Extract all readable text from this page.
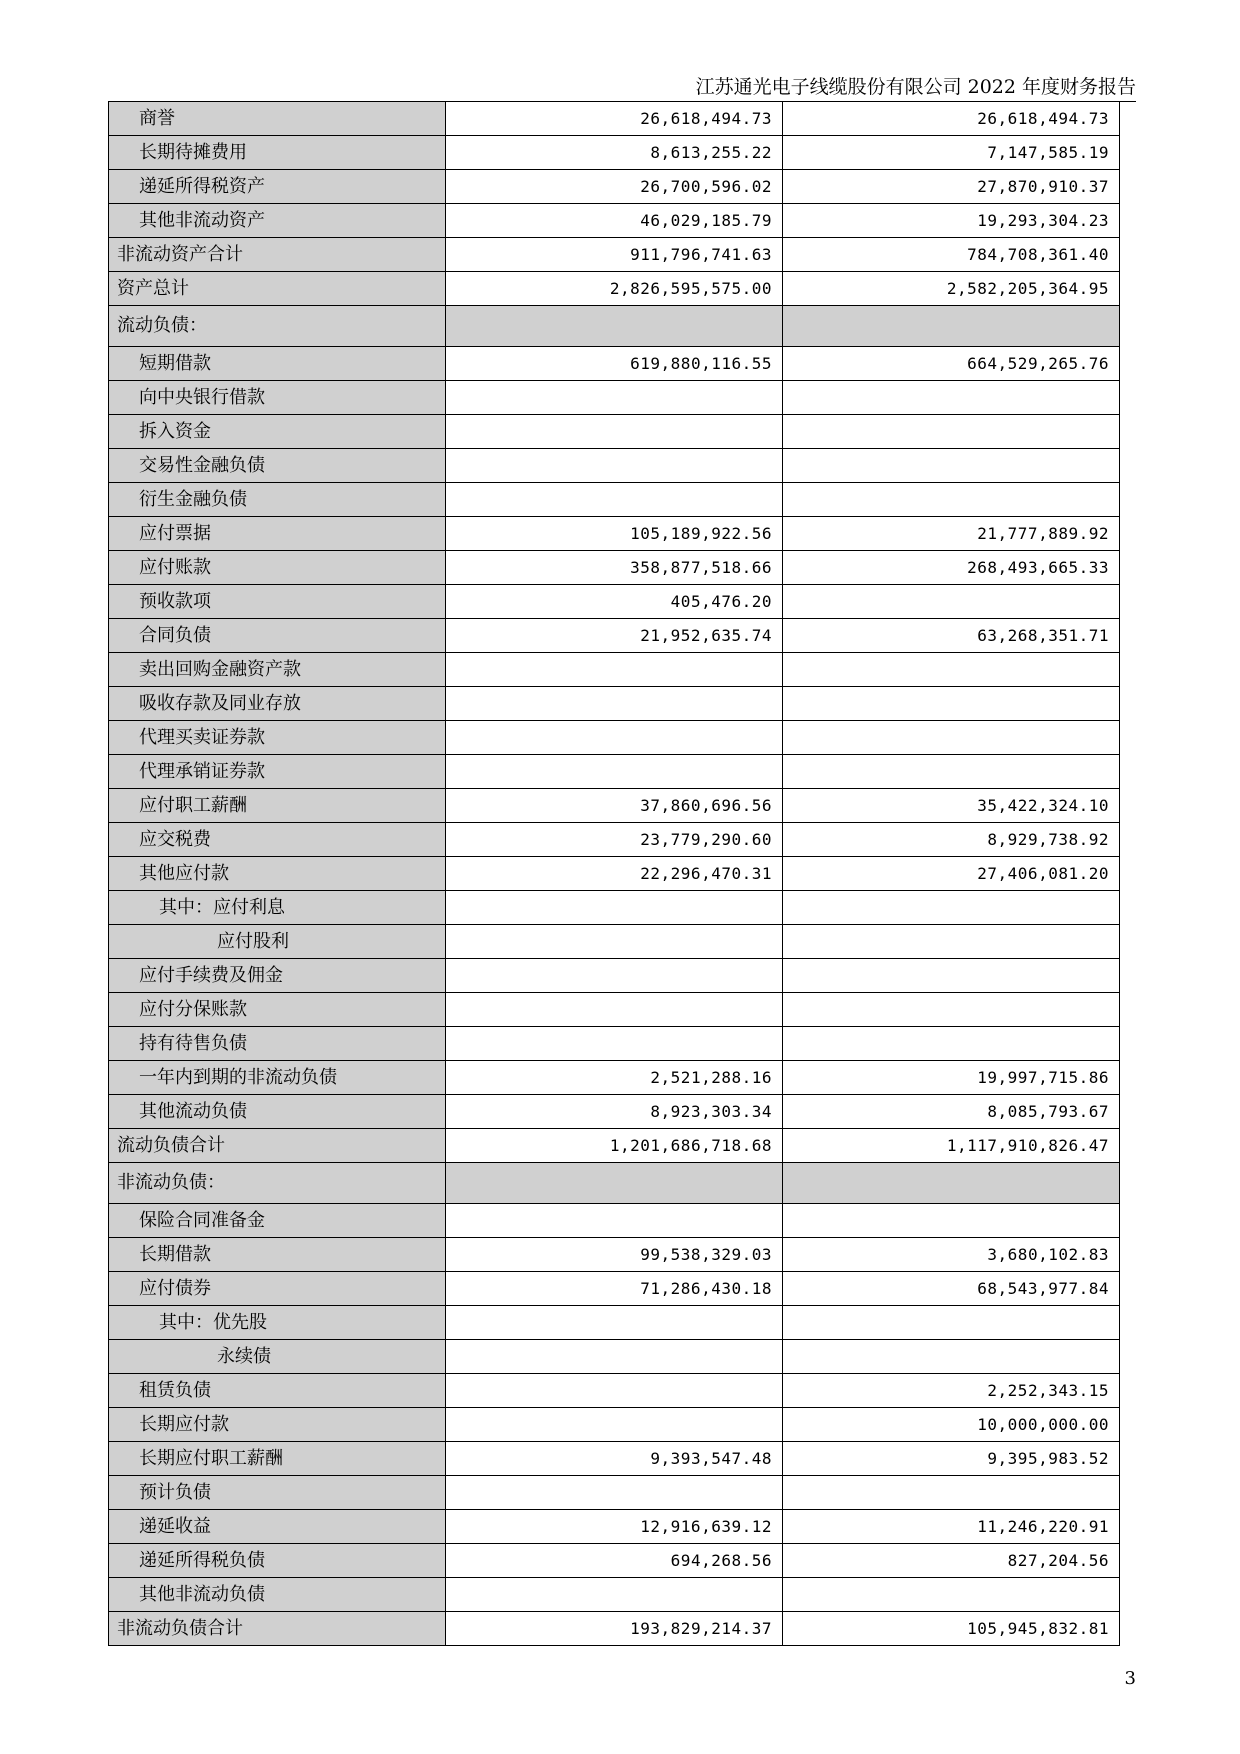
江苏通光电子线缆股份有限公司 2022 年度财务报告
商誉	26,618,494.73	26,618,494.73
长期待摊费用	8,613,255.22	7,147,585.19
递延所得税资产	26,700,596.02	27,870,910.37
其他非流动资产	46,029,185.79	19,293,304.23
非流动资产合计	911,796,741.63	784,708,361.40
资产总计	2,826,595,575.00	2,582,205,364.95
流动负债：		
短期借款	619,880,116.55	664,529,265.76
向中央银行借款		
拆入资金		
交易性金融负债		
衍生金融负债		
应付票据	105,189,922.56	21,777,889.92
应付账款	358,877,518.66	268,493,665.33
预收款项	405,476.20	
合同负债	21,952,635.74	63,268,351.71
卖出回购金融资产款		
吸收存款及同业存放		
代理买卖证券款		
代理承销证券款		
应付职工薪酬	37,860,696.56	35,422,324.10
应交税费	23,779,290.60	8,929,738.92
其他应付款	22,296,470.31	27,406,081.20
其中：应付利息		
应付股利		
应付手续费及佣金		
应付分保账款		
持有待售负债		
一年内到期的非流动负债	2,521,288.16	19,997,715.86
其他流动负债	8,923,303.34	8,085,793.67
流动负债合计	1,201,686,718.68	1,117,910,826.47
非流动负债：		
保险合同准备金		
长期借款	99,538,329.03	3,680,102.83
应付债券	71,286,430.18	68,543,977.84
其中：优先股		
永续债		
租赁负债		2,252,343.15
长期应付款		10,000,000.00
长期应付职工薪酬	9,393,547.48	9,395,983.52
预计负债		
递延收益	12,916,639.12	11,246,220.91
递延所得税负债	694,268.56	827,204.56
其他非流动负债		
非流动负债合计	193,829,214.37	105,945,832.81
3
